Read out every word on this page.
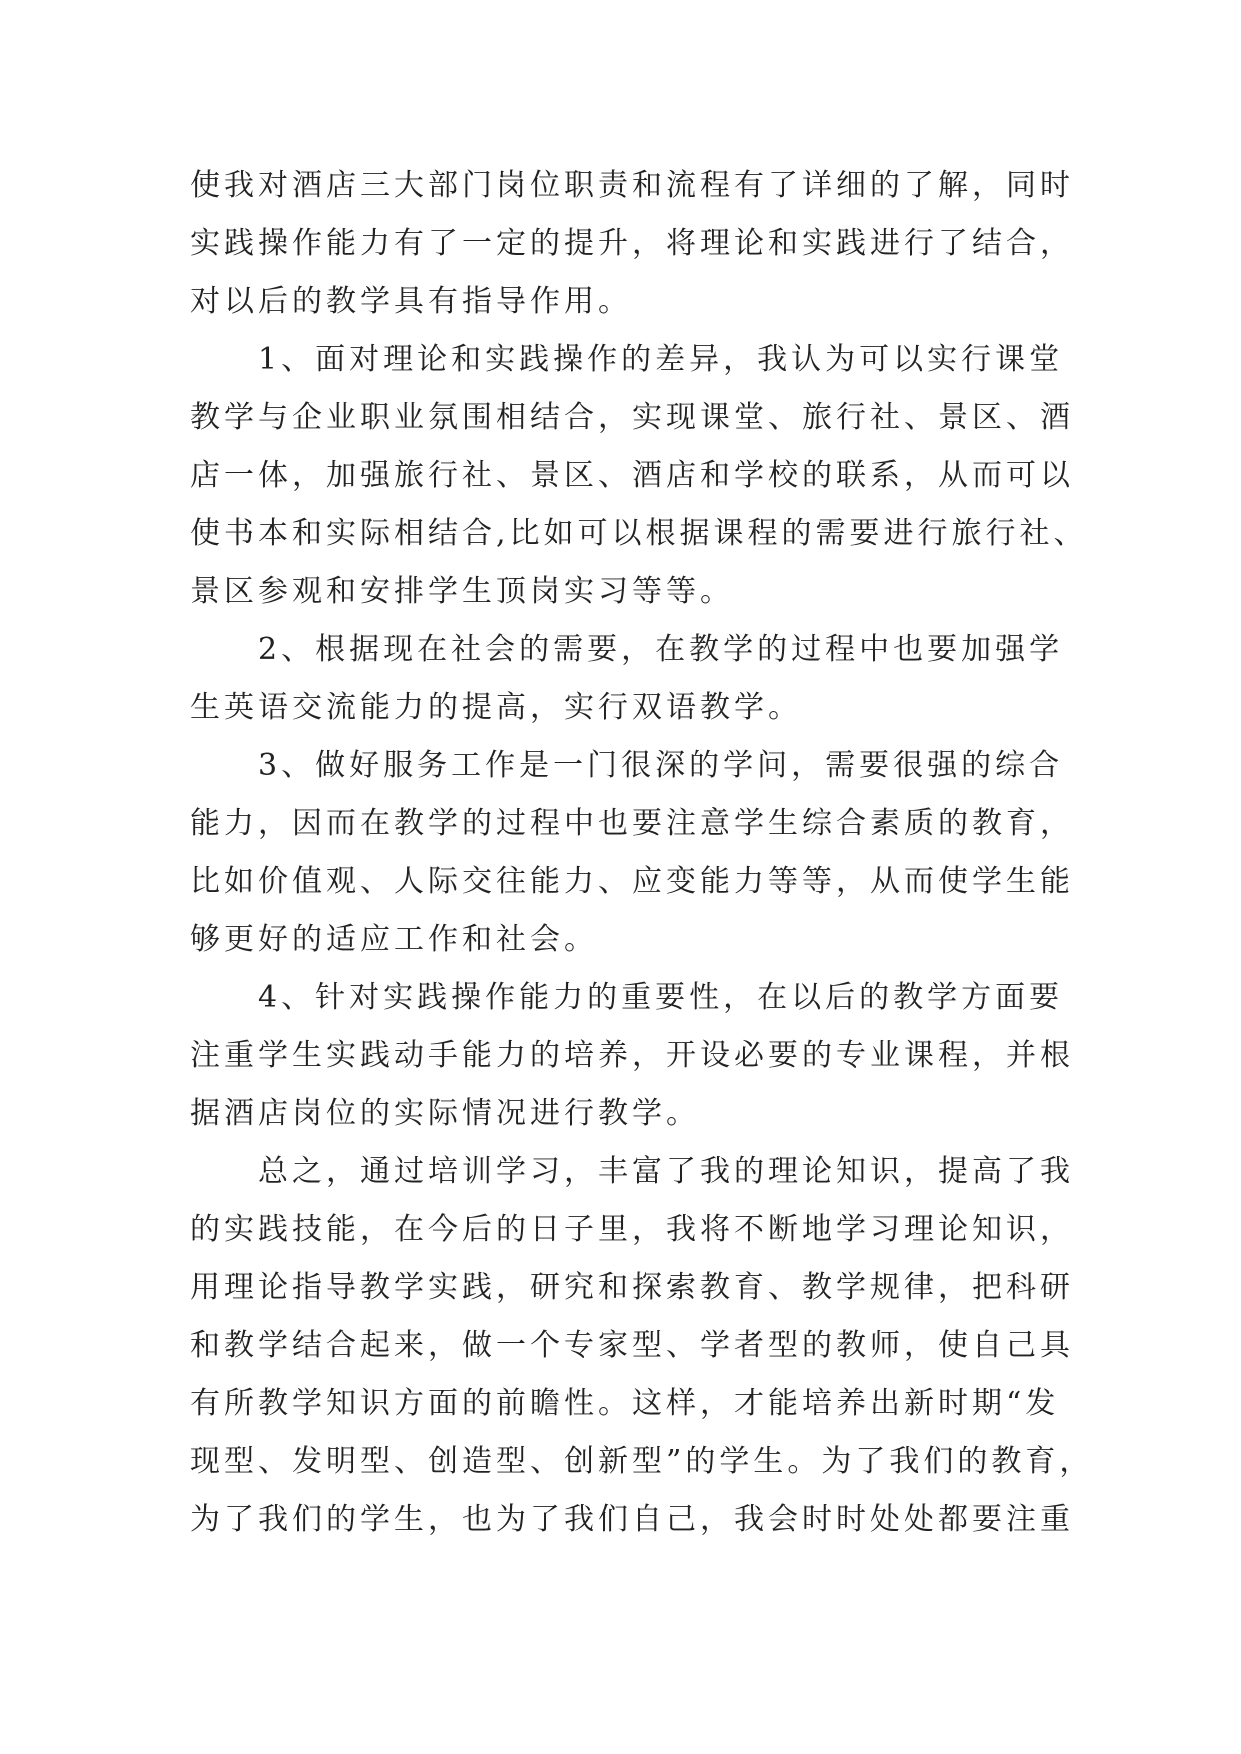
使我对酒店三大部门岗位职责和流程有了详细的了解，同时
实践操作能力有了一定的提升，将理论和实践进行了结合，
对以后的教学具有指导作用。
1、面对理论和实践操作的差异，我认为可以实行课堂
教学与企业职业氛围相结合，实现课堂、旅行社、景区、酒
店一体，加强旅行社、景区、酒店和学校的联系，从而可以
使书本和实际相结合,比如可以根据课程的需要进行旅行社、
景区参观和安排学生顶岗实习等等。
2、根据现在社会的需要，在教学的过程中也要加强学
生英语交流能力的提高，实行双语教学。
3、做好服务工作是一门很深的学问，需要很强的综合
能力，因而在教学的过程中也要注意学生综合素质的教育，
比如价值观、人际交往能力、应变能力等等，从而使学生能
够更好的适应工作和社会。
4、针对实践操作能力的重要性，在以后的教学方面要
注重学生实践动手能力的培养，开设必要的专业课程，并根
据酒店岗位的实际情况进行教学。
总之，通过培训学习，丰富了我的理论知识，提高了我
的实践技能，在今后的日子里，我将不断地学习理论知识，
用理论指导教学实践，研究和探索教育、教学规律，把科研
和教学结合起来，做一个专家型、学者型的教师，使自己具
有所教学知识方面的前瞻性。这样，才能培养出新时期“发
现型、发明型、创造型、创新型”的学生。为了我们的教育，
为了我们的学生，也为了我们自己，我会时时处处都要注重
